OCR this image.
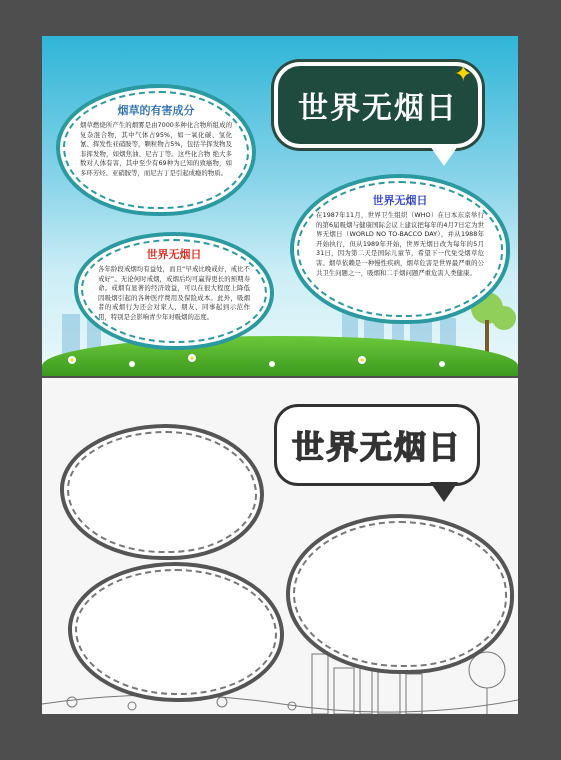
世界无烟日
✦

烟草的有害成分

烟草燃烧所产生的烟雾是由7000多种化合物所组成的复杂混合物，其中气体占95%，如一氧化碳、氢化氰、挥发性亚硝胺等，颗粒物占5%，包括半挥发物及非挥发物，如烟焦油、尼古丁等。这些化合物 绝大多数对人体有害，其中至少有69种为已知的致癌物，如多环芳烃、亚硝胺等，而尼古丁是引起成瘾的物质。

世界无烟日

在1987年11月，世界卫生组织（WHO）在日本东京举行的第6届吸烟与健康国际会议上建议把每年的4月7日定为世界无烟日（WORLD NO TO-BACCO DAY），并从1988年开始执行，但从1989年开始，世界无烟日改为每年的5月31日，因为第二天是国际儿童节，希望下一代免受烟草危害。烟草依赖是一种慢性疾病，烟草危害是世界最严重的公共卫生问题之一，吸烟和二手烟问题严重危害人类健康。

世界无烟日

各年龄段戒烟均有益处，而且“早戒比晚戒好，戒比不戒好”。无论何时戒烟，戒烟后均可赢得更长的预期寿命。戒烟有显著的经济效益，可以在很大程度上降低因吸烟引起的各种医疗费用及保险成本。此外，吸烟者的戒烟行为还会对家人、朋友、同事起到示范作用，特别是会影响青少年对吸烟的态度。

世界无烟日
